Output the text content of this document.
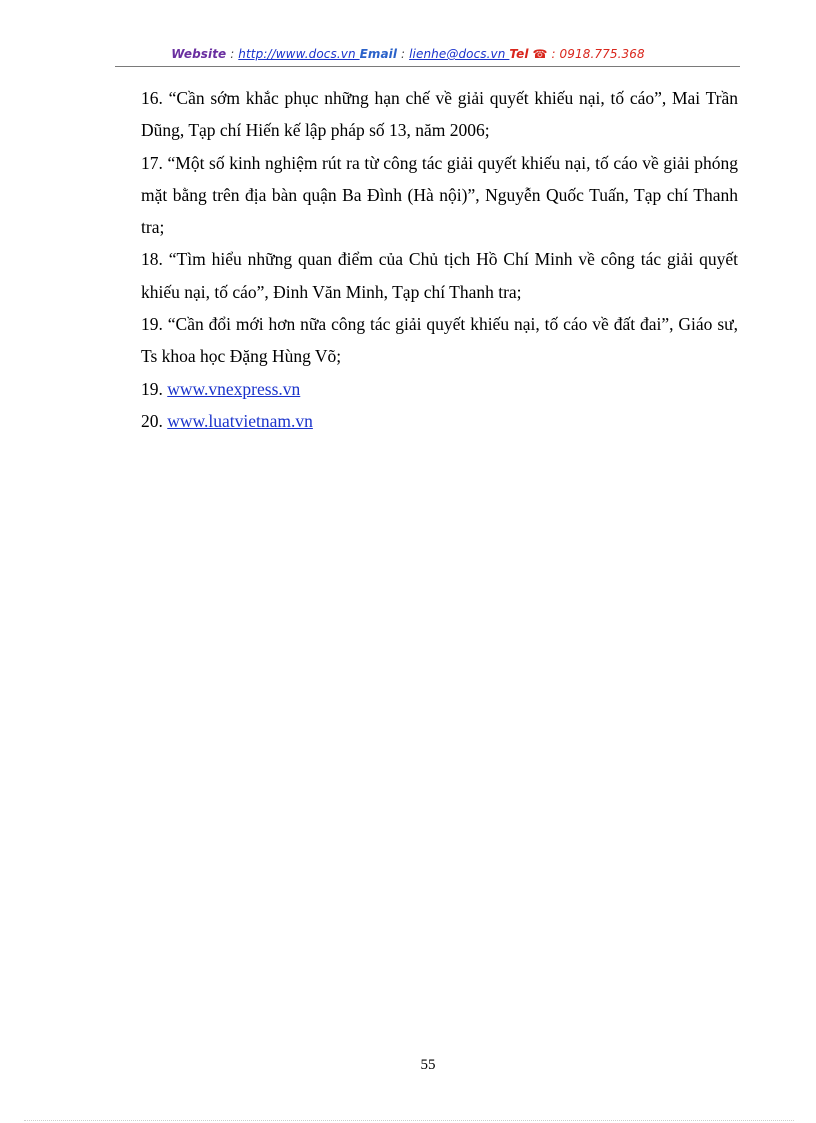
Website : http://www.docs.vn Email : lienhe@docs.vn Tel ☎ : 0918.775.368

16. “Cần sớm khắc phục những hạn chế về giải quyết khiếu nại, tố cáo”, Mai Trần Dũng, Tạp chí Hiến kế lập pháp số 13, năm 2006;

17. “Một số kinh nghiệm rút ra từ công tác giải quyết khiếu nại, tố cáo về giải phóng mặt bằng trên địa bàn quận Ba Đình (Hà nội)”, Nguyễn Quốc Tuấn, Tạp chí Thanh tra;

18. “Tìm hiểu những quan điểm của Chủ tịch Hồ Chí Minh về công tác giải quyết khiếu nại, tố cáo”, Đinh Văn Minh, Tạp chí Thanh tra;

19. “Cần đổi mới hơn nữa công tác giải quyết khiếu nại, tố cáo về đất đai”, Giáo sư, Ts khoa học Đặng Hùng Võ;

19. www.vnexpress.vn

20. www.luatvietnam.vn

55
